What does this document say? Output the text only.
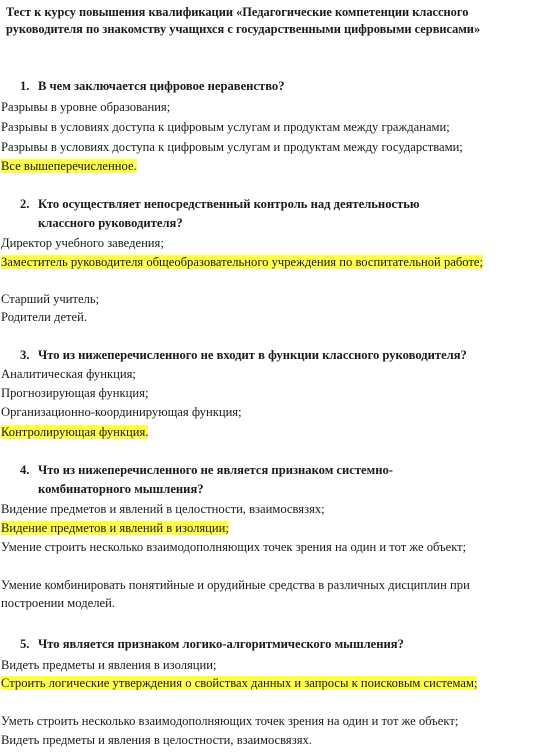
Тест к курсу повышения квалификации «Педагогические компетенции классного руководителя по знакомству учащихся с государственными цифровыми сервисами»

1. В чем заключается цифровое неравенство?
Разрывы в уровне образования;
Разрывы в условиях доступа к цифровым услугам и продуктам между гражданами;
Разрывы в условиях доступа к цифровым услугам и продуктам между государствами;
Все вышеперечисленное.
2. Кто осуществляет непосредственный контроль над деятельностью
классного руководителя?
Директор учебного заведения;
Заместитель руководителя общеобразовательного учреждения по воспитательной работе;
Старший учитель;
Родители детей.
3. Что из нижеперечисленного не входит в функции классного руководителя?
Аналитическая функция;
Прогнозирующая функция;
Организационно-координирующая функция;
Контролирующая функция.
4. Что из нижеперечисленного не является признаком системно-
комбинаторного мышления?
Видение предметов и явлений в целостности, взаимосвязях;
Видение предметов и явлений в изоляции;
Умение строить несколько взаимодополняющих точек зрения на один и тот же объект;
Умение комбинировать понятийные и орудийные средства в различных дисциплин при построении моделей.
5. Что является признаком логико-алгоритмического мышления?
Видеть предметы и явления в изоляции;
Строить логические утверждения о свойствах данных и запросы к поисковым системам;
Уметь строить несколько взаимодополняющих точек зрения на один и тот же объект;
Видеть предметы и явления в целостности, взаимосвязях.
